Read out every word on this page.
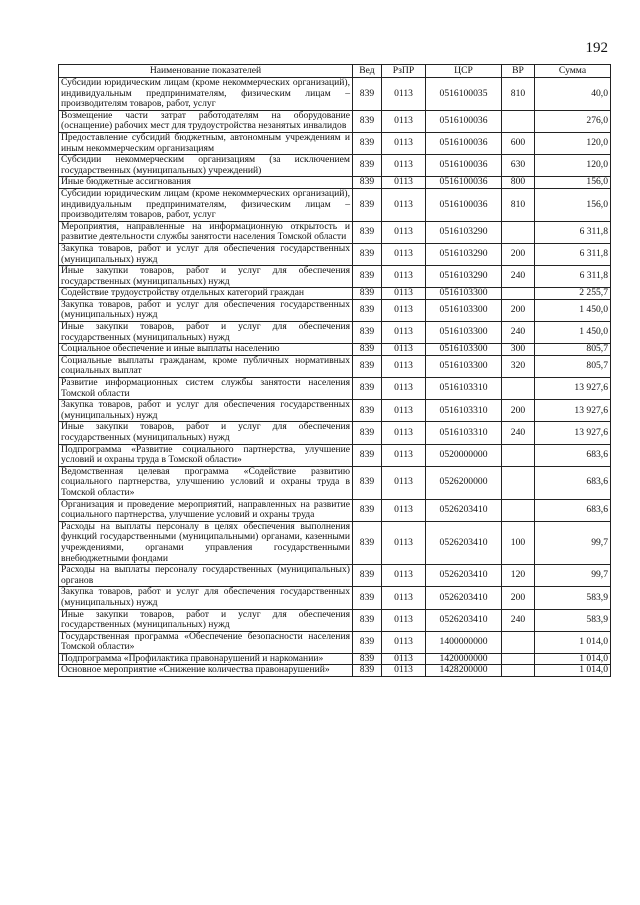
192
Наименование показателей	Вед	РзПР	ЦСР	ВР	Сумма
Субсидии юридическим лицам (кроме некоммерческих организаций), индивидуальным предпринимателям, физическим лицам – производителям товаров, работ, услуг	839	0113	0516100035	810	40,0
Возмещение части затрат работодателям на оборудование (оснащение) рабочих мест для трудоустройства незанятых инвалидов	839	0113	0516100036		276,0
Предоставление субсидий бюджетным, автономным учреждениям и иным некоммерческим организациям	839	0113	0516100036	600	120,0
Субсидии некоммерческим организациям (за исключением государственных (муниципальных) учреждений)	839	0113	0516100036	630	120,0
Иные бюджетные ассигнования	839	0113	0516100036	800	156,0
Субсидии юридическим лицам (кроме некоммерческих организаций), индивидуальным предпринимателям, физическим лицам – производителям товаров, работ, услуг	839	0113	0516100036	810	156,0
Мероприятия, направленные на информационную открытость и развитие деятельности службы занятости населения Томской области	839	0113	0516103290		6 311,8
Закупка товаров, работ и услуг для обеспечения государственных (муниципальных) нужд	839	0113	0516103290	200	6 311,8
Иные закупки товаров, работ и услуг для обеспечения государственных (муниципальных) нужд	839	0113	0516103290	240	6 311,8
Содействие трудоустройству отдельных категорий граждан	839	0113	0516103300		2 255,7
Закупка товаров, работ и услуг для обеспечения государственных (муниципальных) нужд	839	0113	0516103300	200	1 450,0
Иные закупки товаров, работ и услуг для обеспечения государственных (муниципальных) нужд	839	0113	0516103300	240	1 450,0
Социальное обеспечение и иные выплаты населению	839	0113	0516103300	300	805,7
Социальные выплаты гражданам, кроме публичных нормативных социальных выплат	839	0113	0516103300	320	805,7
Развитие информационных систем службы занятости населения Томской области	839	0113	0516103310		13 927,6
Закупка товаров, работ и услуг для обеспечения государственных (муниципальных) нужд	839	0113	0516103310	200	13 927,6
Иные закупки товаров, работ и услуг для обеспечения государственных (муниципальных) нужд	839	0113	0516103310	240	13 927,6
Подпрограмма «Развитие социального партнерства, улучшение условий и охраны труда в Томской области»	839	0113	0520000000		683,6
Ведомственная целевая программа «Содействие развитию социального партнерства, улучшению условий и охраны труда в Томской области»	839	0113	0526200000		683,6
Организация и проведение мероприятий, направленных на развитие социального партнерства, улучшение условий и охраны труда	839	0113	0526203410		683,6
Расходы на выплаты персоналу в целях обеспечения выполнения функций государственными (муниципальными) органами, казенными учреждениями, органами управления государственными внебюджетными фондами	839	0113	0526203410	100	99,7
Расходы на выплаты персоналу государственных (муниципальных) органов	839	0113	0526203410	120	99,7
Закупка товаров, работ и услуг для обеспечения государственных (муниципальных) нужд	839	0113	0526203410	200	583,9
Иные закупки товаров, работ и услуг для обеспечения государственных (муниципальных) нужд	839	0113	0526203410	240	583,9
Государственная программа «Обеспечение безопасности населения Томской области»	839	0113	1400000000		1 014,0
Подпрограмма «Профилактика правонарушений и наркомании»	839	0113	1420000000		1 014,0
Основное мероприятие «Снижение количества правонарушений»	839	0113	1428200000		1 014,0
